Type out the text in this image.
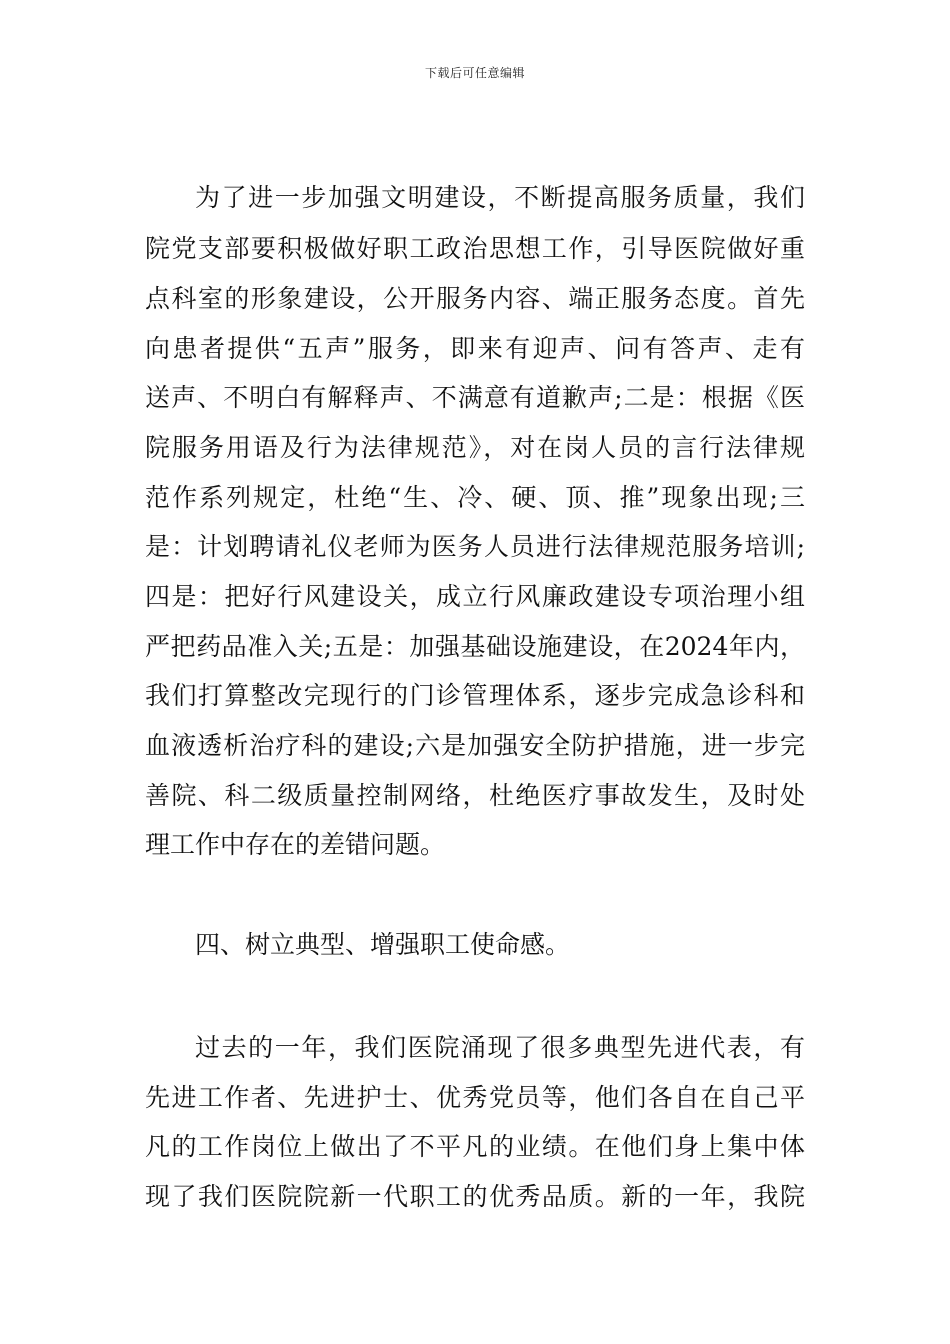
下载后可任意编辑
为了进一步加强文明建设，不断提高服务质量，我们
院党支部要积极做好职工政治思想工作，引导医院做好重
点科室的形象建设，公开服务内容、端正服务态度。首先
向患者提供“五声”服务，即来有迎声、问有答声、走有
送声、不明白有解释声、不满意有道歉声;二是：根据《医
院服务用语及行为法律规范》，对在岗人员的言行法律规
范作系列规定，杜绝“生、冷、硬、顶、推”现象出现;三
是：计划聘请礼仪老师为医务人员进行法律规范服务培训;
四是：把好行风建设关，成立行风廉政建设专项治理小组
严把药品准入关;五是：加强基础设施建设，在2024年内，
我们打算整改完现行的门诊管理体系，逐步完成急诊科和
血液透析治疗科的建设;六是加强安全防护措施，进一步完
善院、科二级质量控制网络，杜绝医疗事故发生，及时处
理工作中存在的差错问题。
四、树立典型、增强职工使命感。
过去的一年，我们医院涌现了很多典型先进代表，有
先进工作者、先进护士、优秀党员等，他们各自在自己平
凡的工作岗位上做出了不平凡的业绩。在他们身上集中体
现了我们医院院新一代职工的优秀品质。新的一年，我院
